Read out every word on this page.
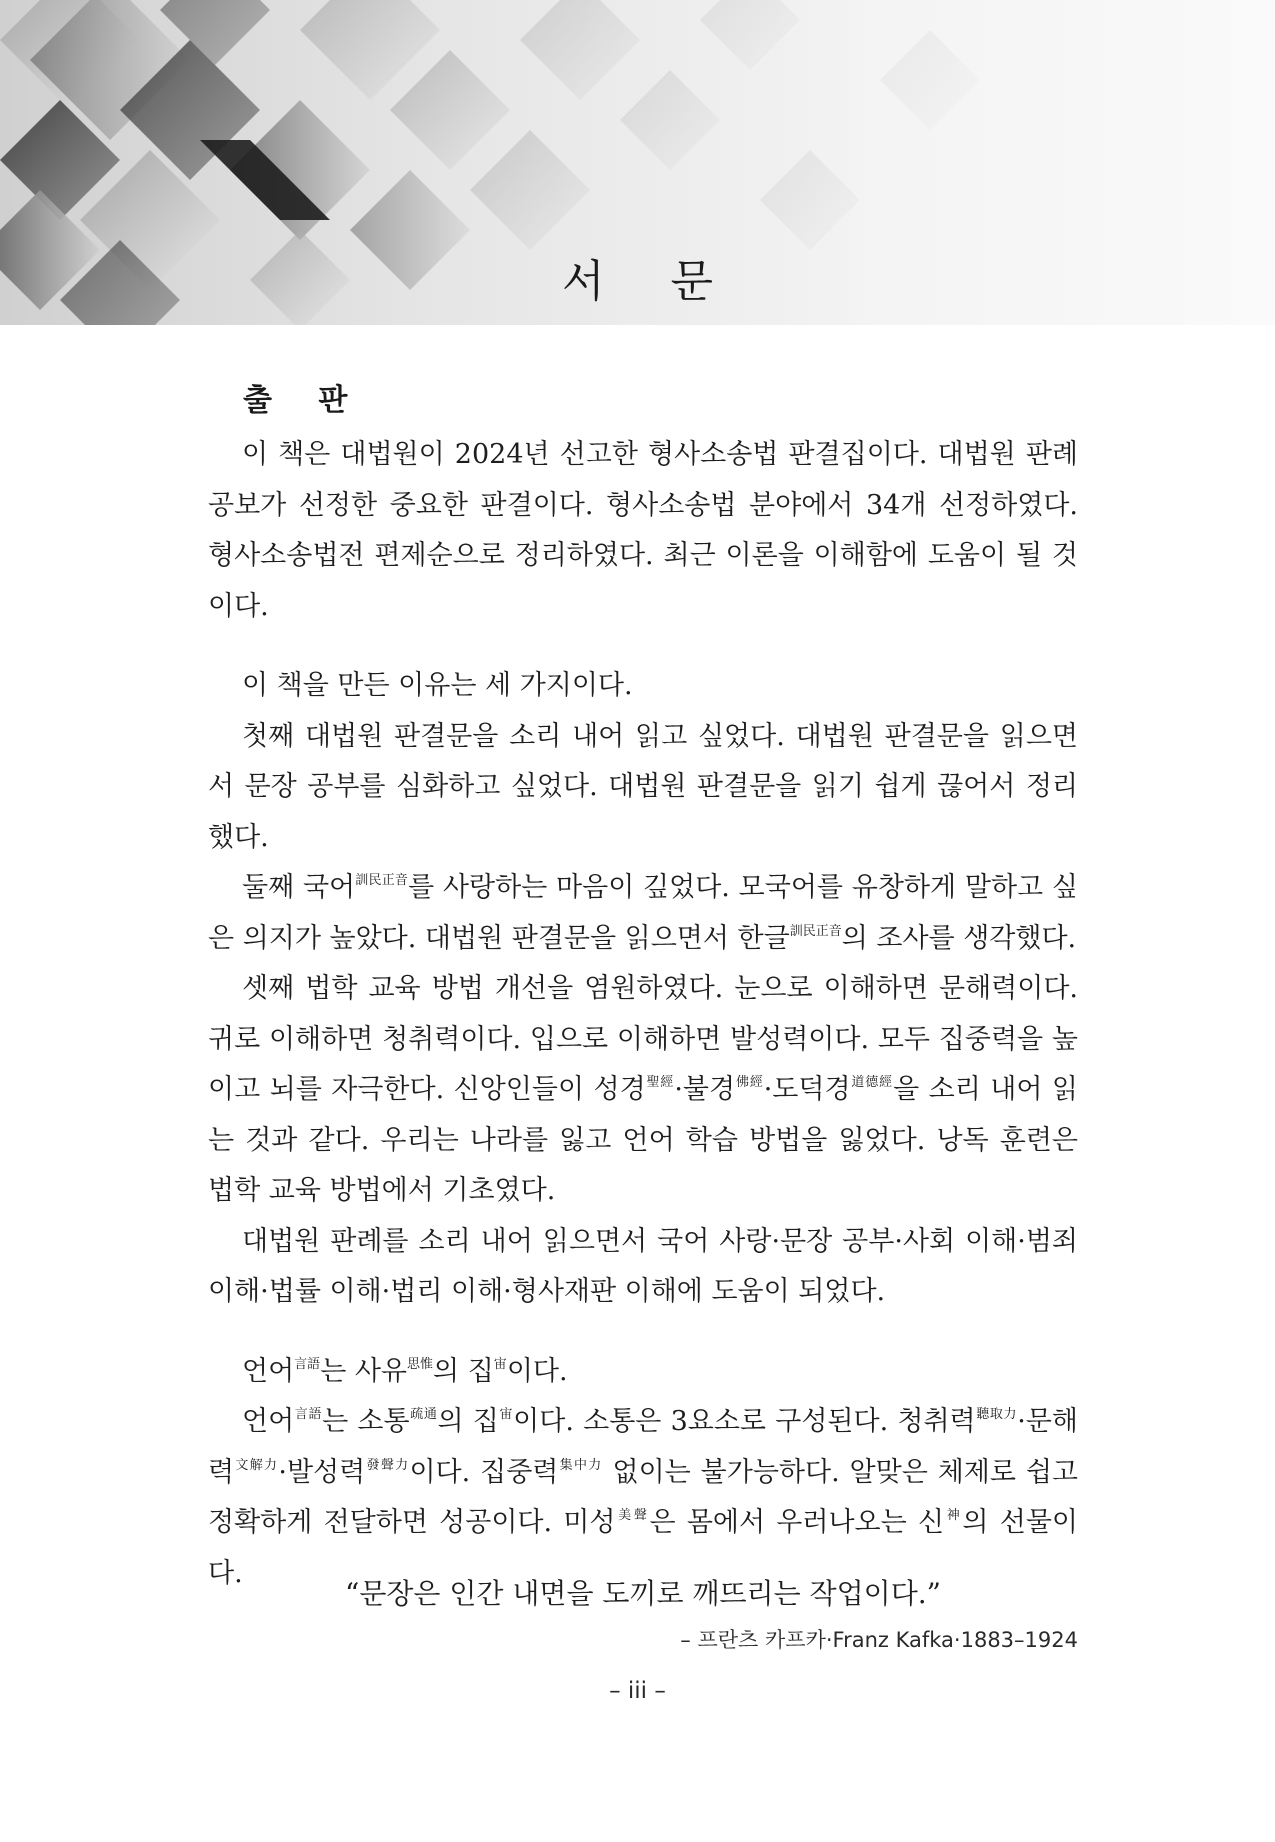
서 문
출 판

이 책은 대법원이 2024년 선고한 형사소송법 판결집이다. 대법원 판례공보가 선정한 중요한 판결이다. 형사소송법 분야에서 34개 선정하였다. 형사소송법전 편제순으로 정리하였다. 최근 이론을 이해함에 도움이 될 것이다.

이 책을 만든 이유는 세 가지이다.

첫째 대법원 판결문을 소리 내어 읽고 싶었다. 대법원 판결문을 읽으면서 문장 공부를 심화하고 싶었다. 대법원 판결문을 읽기 쉽게 끊어서 정리했다.

둘째 국어$^{訓民正音}$를 사랑하는 마음이 깊었다. 모국어를 유창하게 말하고 싶은 의지가 높았다. 대법원 판결문을 읽으면서 한글$^{訓民正音}$의 조사를 생각했다.

셋째 법학 교육 방법 개선을 염원하였다. 눈으로 이해하면 문해력이다. 귀로 이해하면 청취력이다. 입으로 이해하면 발성력이다. 모두 집중력을 높이고 뇌를 자극한다. 신앙인들이 성경$^{聖經}$·불경$^{佛經}$·도덕경$^{道德經}$을 소리 내어 읽는 것과 같다. 우리는 나라를 잃고 언어 학습 방법을 잃었다. 낭독 훈련은 법학 교육 방법에서 기초였다.

대법원 판례를 소리 내어 읽으면서 국어 사랑·문장 공부·사회 이해·범죄 이해·법률 이해·법리 이해·형사재판 이해에 도움이 되었다.

언어$^{言語}$는 사유$^{思惟}$의 집$^宙$이다.

언어$^{言語}$는 소통$^{疏通}$의 집$^宙$이다. 소통은 3요소로 구성된다. 청취력$^{聽取力}$·문해력$^{文解力}$·발성력$^{發聲力}$이다. 집중력$^{集中力}$ 없이는 불가능하다. 알맞은 체제로 쉽고 정확하게 전달하면 성공이다. 미성$^{美聲}$은 몸에서 우러나오는 신$^神$의 선물이다.

“문장은 인간 내면을 도끼로 깨뜨리는 작업이다.”
– 프란츠 카프카·Franz Kafka·1883–1924
– iii –
